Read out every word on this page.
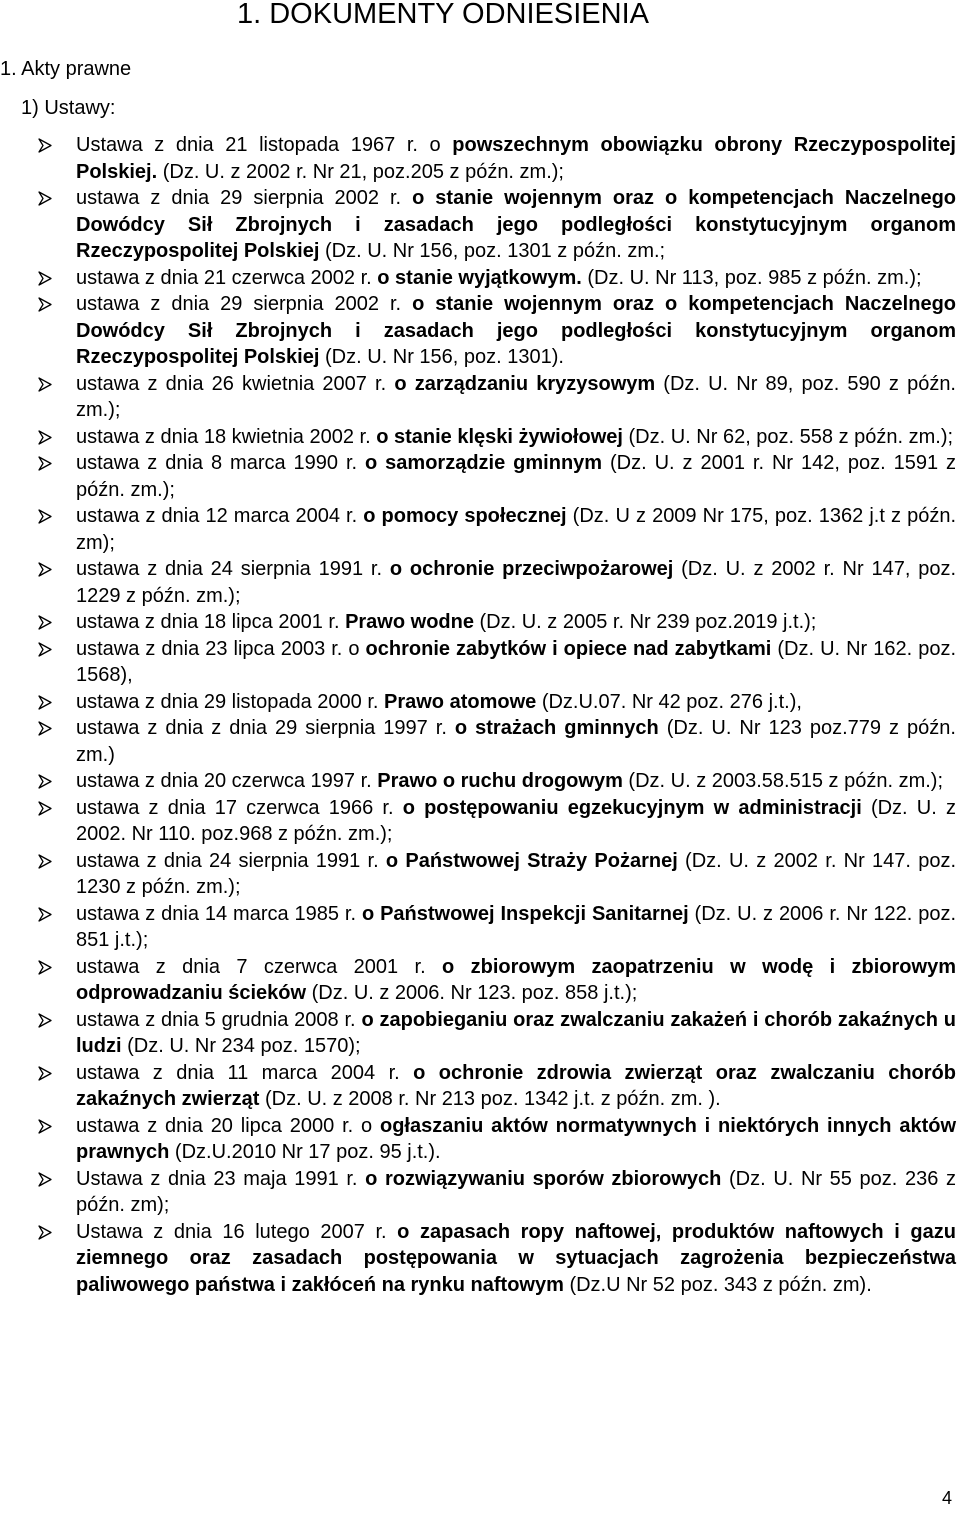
1. DOKUMENTY ODNIESIENIA
1. Akty prawne
1) Ustawy:
Ustawa z dnia 21 listopada 1967 r. o powszechnym obowiązku obrony Rzeczypospolitej Polskiej. (Dz. U. z 2002 r. Nr 21, poz.205 z późn. zm.);
ustawa z dnia 29 sierpnia 2002 r. o stanie wojennym oraz o kompetencjach Naczelnego Dowódcy Sił Zbrojnych i zasadach jego podległości konstytucyjnym organom Rzeczypospolitej Polskiej (Dz. U. Nr 156, poz. 1301 z późn. zm.;
ustawa z dnia 21 czerwca 2002 r. o stanie wyjątkowym. (Dz. U. Nr 113, poz. 985 z późn. zm.);
ustawa z dnia 29 sierpnia 2002 r. o stanie wojennym oraz o kompetencjach Naczelnego Dowódcy Sił Zbrojnych i zasadach jego podległości konstytucyjnym organom Rzeczypospolitej Polskiej (Dz. U. Nr 156, poz. 1301).
ustawa z dnia 26 kwietnia 2007 r. o zarządzaniu kryzysowym (Dz. U. Nr 89, poz. 590 z późn. zm.);
ustawa z dnia 18 kwietnia 2002 r. o stanie klęski żywiołowej (Dz. U. Nr 62, poz. 558 z późn. zm.);
ustawa z dnia 8 marca 1990 r. o samorządzie gminnym (Dz. U. z 2001 r. Nr 142, poz. 1591 z późn. zm.);
ustawa z dnia 12 marca 2004 r. o pomocy społecznej (Dz. U z 2009 Nr 175, poz. 1362 j.t z późn. zm);
ustawa z dnia 24 sierpnia 1991 r. o ochronie przeciwpożarowej (Dz. U. z 2002 r. Nr 147, poz. 1229 z późn. zm.);
ustawa z dnia 18 lipca 2001 r. Prawo wodne (Dz. U. z 2005 r. Nr 239 poz.2019 j.t.);
ustawa z dnia 23 lipca 2003 r. o ochronie zabytków i opiece nad zabytkami (Dz. U. Nr 162. poz. 1568),
ustawa z dnia 29 listopada 2000 r. Prawo atomowe (Dz.U.07. Nr 42 poz. 276 j.t.),
ustawa z dnia z dnia 29 sierpnia 1997 r. o strażach gminnych (Dz. U. Nr 123 poz.779 z późn. zm.)
ustawa z dnia 20 czerwca 1997 r. Prawo o ruchu drogowym (Dz. U. z 2003.58.515 z późn. zm.);
ustawa z dnia 17 czerwca 1966 r. o postępowaniu egzekucyjnym w administracji (Dz. U. z 2002. Nr 110. poz.968 z późn. zm.);
ustawa z dnia 24 sierpnia 1991 r. o Państwowej Straży Pożarnej (Dz. U. z 2002 r. Nr 147. poz. 1230 z późn. zm.);
ustawa z dnia 14 marca 1985 r. o Państwowej Inspekcji Sanitarnej (Dz. U. z 2006 r. Nr 122. poz. 851 j.t.);
ustawa z dnia 7 czerwca 2001 r. o zbiorowym zaopatrzeniu w wodę i zbiorowym odprowadzaniu ścieków (Dz. U. z 2006. Nr 123. poz. 858 j.t.);
ustawa z dnia 5 grudnia 2008 r. o zapobieganiu oraz zwalczaniu zakażeń i chorób zakaźnych u ludzi (Dz. U. Nr 234 poz. 1570);
ustawa z dnia 11 marca 2004 r. o ochronie zdrowia zwierząt oraz zwalczaniu chorób zakaźnych zwierząt (Dz. U. z 2008 r. Nr 213 poz. 1342 j.t. z późn. zm. ).
ustawa z dnia 20 lipca 2000 r. o ogłaszaniu aktów normatywnych i niektórych innych aktów prawnych (Dz.U.2010 Nr 17 poz. 95 j.t.).
Ustawa z dnia 23 maja 1991 r. o rozwiązywaniu sporów zbiorowych (Dz. U. Nr 55 poz. 236 z późn. zm);
Ustawa z dnia 16 lutego 2007 r. o zapasach ropy naftowej, produktów naftowych i gazu ziemnego oraz zasadach postępowania w sytuacjach zagrożenia bezpieczeństwa paliwowego państwa i zakłóceń na rynku naftowym (Dz.U Nr 52 poz. 343 z późn. zm).
4
